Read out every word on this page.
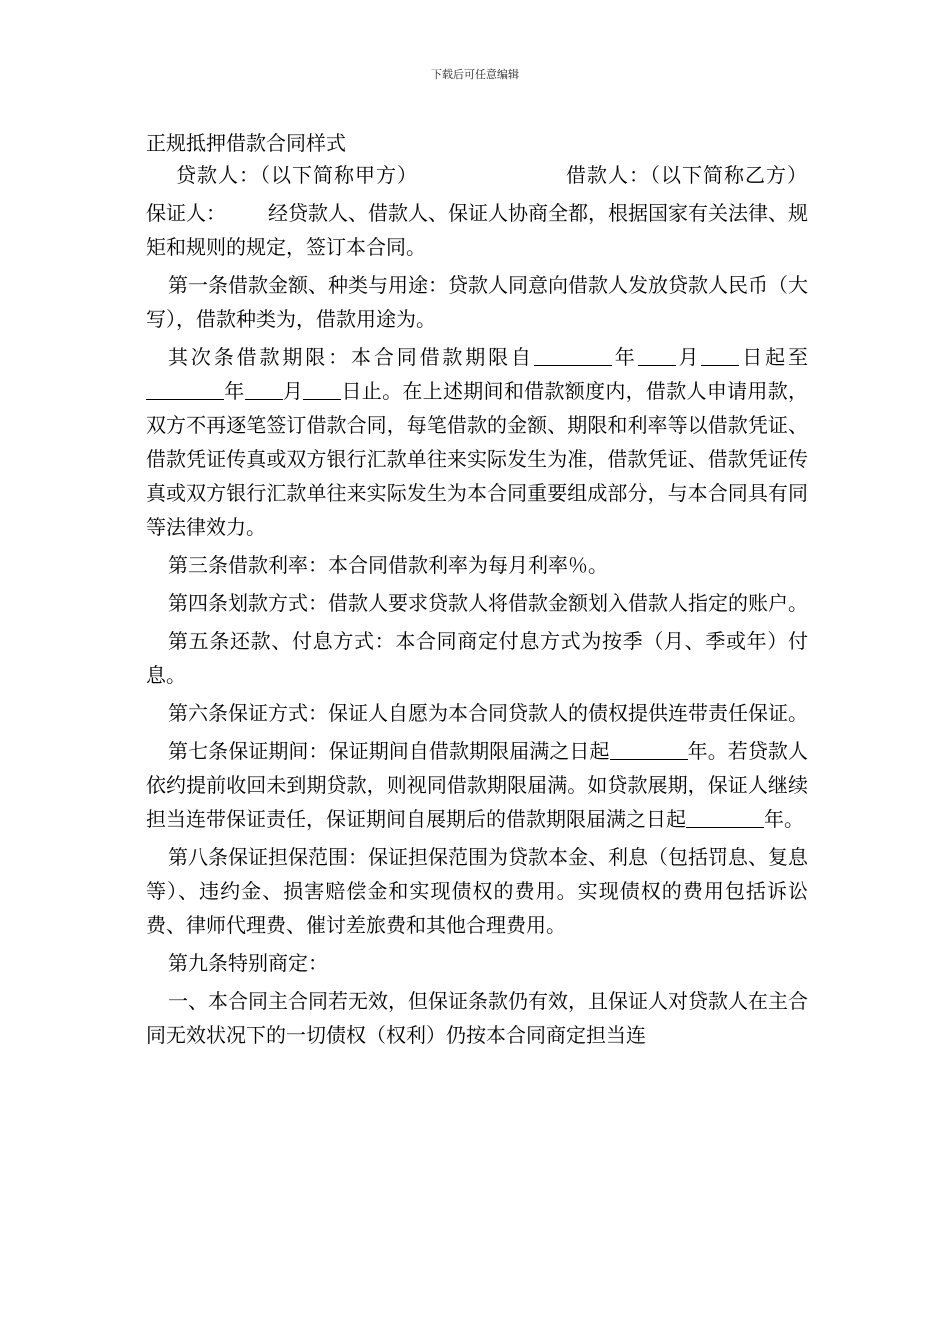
下载后可任意编辑
正规抵押借款合同样式
贷款人：（以下简称甲方）	借款人：（以下简称乙方）

保证人： 经贷款人、借款人、保证人协商全都，根据国家有关法律、规矩和规则的规定，签订本合同。

第一条借款金额、种类与用途：贷款人同意向借款人发放贷款人民币（大写），借款种类为，借款用途为。

其次条借款期限：本合同借款期限自	年 月 日起至年 月 日止。在上述期间和借款额度内，借款人申请用款，双方不再逐笔签订借款合同，每笔借款的金额、期限和利率等以借款凭证、借款凭证传真或双方银行汇款单往来实际发生为准，借款凭证、借款凭证传真或双方银行汇款单往来实际发生为本合同重要组成部分，与本合同具有同等法律效力。

第三条借款利率：本合同借款利率为每月利率％。

第四条划款方式：借款人要求贷款人将借款金额划入借款人指定的账户。

第五条还款、付息方式：本合同商定付息方式为按季（月、季或年）付息。

第六条保证方式：保证人自愿为本合同贷款人的债权提供连带责任保证。

第七条保证期间：保证期间自借款期限届满之日起	年。若贷款人依约提前收回未到期贷款，则视同借款期限届满。如贷款展期，保证人继续担当连带保证责任，保证期间自展期后的借款期限届满之日起	年。

第八条保证担保范围：保证担保范围为贷款本金、利息（包括罚息、复息等）、违约金、损害赔偿金和实现债权的费用。实现债权的费用包括诉讼费、律师代理费、催讨差旅费和其他合理费用。

第九条特别商定：

一、本合同主合同若无效，但保证条款仍有效，且保证人对贷款人在主合同无效状况下的一切债权（权利）仍按本合同商定担当连
